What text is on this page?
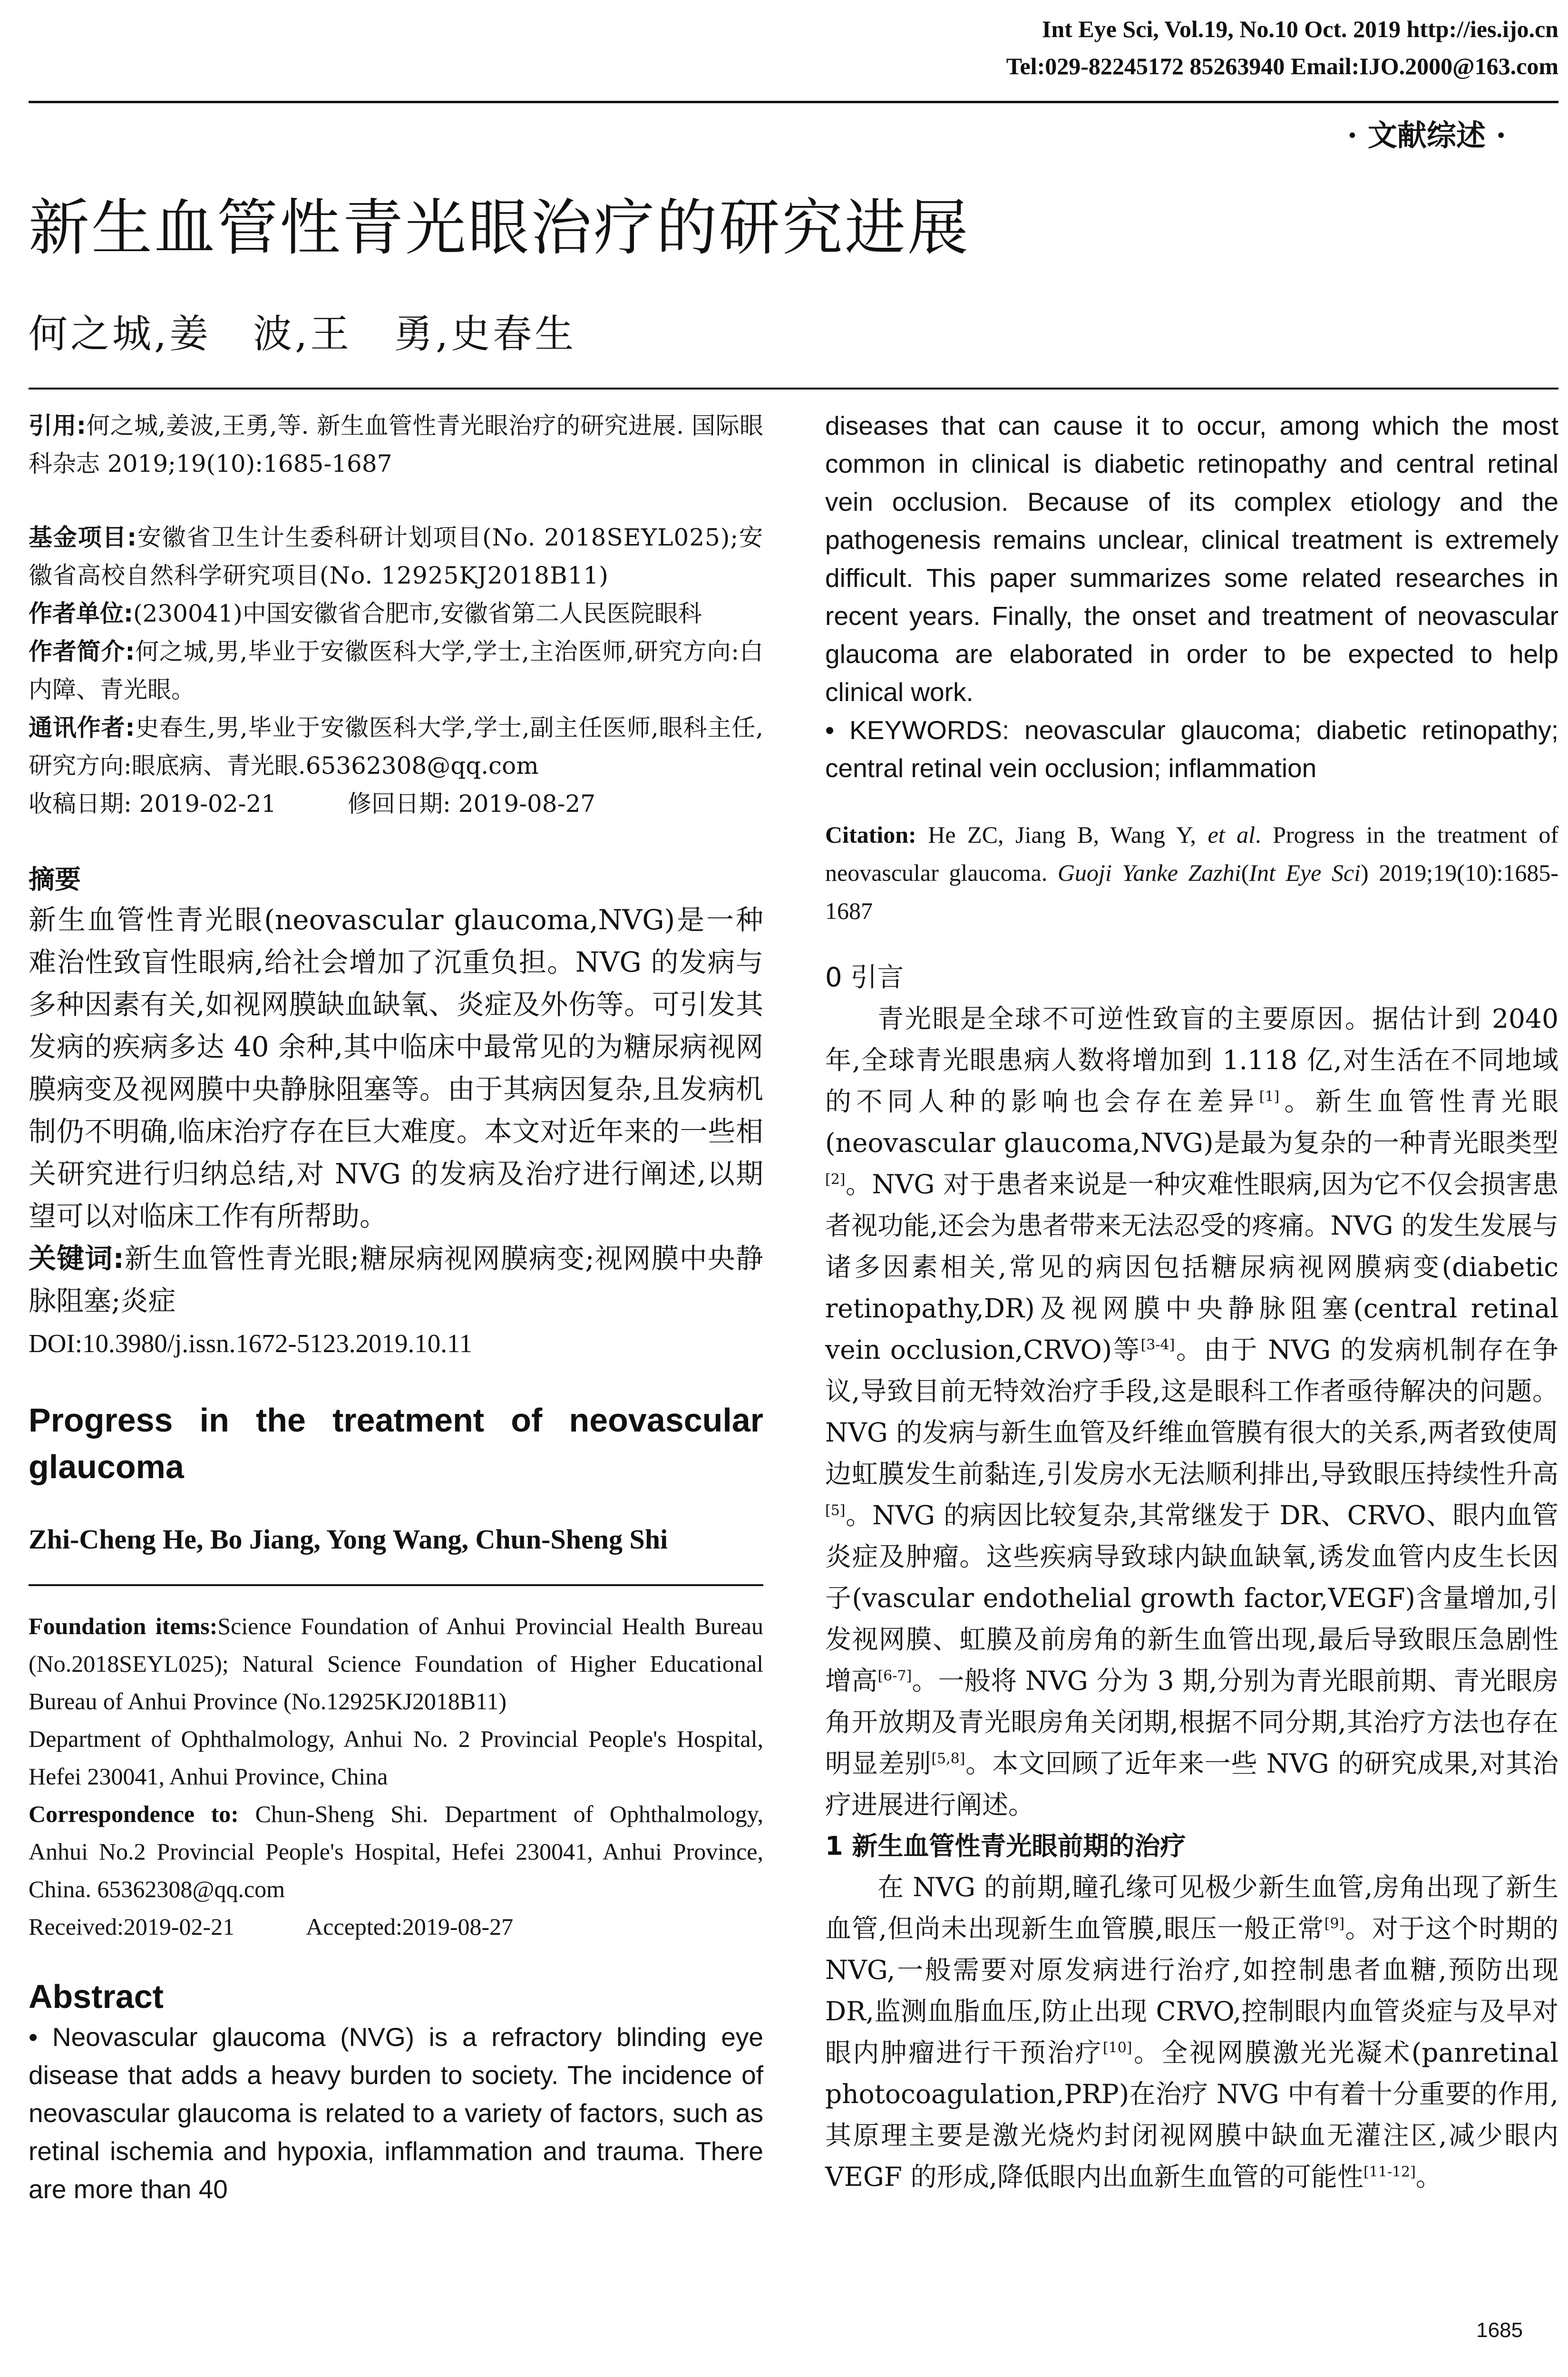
Int Eye Sci, Vol.19, No.10 Oct. 2019 http://ies.ijo.cn
Tel:029-82245172 85263940 Email:IJO.2000@163.com
· 文献综述 ·
新生血管性青光眼治疗的研究进展
何之城,姜　波,王　勇,史春生

引用:何之城,姜波,王勇,等. 新生血管性青光眼治疗的研究进展. 国际眼科杂志 2019;19(10):1685-1687

基金项目:安徽省卫生计生委科研计划项目(No. 2018SEYL025);安徽省高校自然科学研究项目(No. 12925KJ2018B11)

作者单位:(230041)中国安徽省合肥市,安徽省第二人民医院眼科

作者简介:何之城,男,毕业于安徽医科大学,学士,主治医师,研究方向:白内障、青光眼。

通讯作者:史春生,男,毕业于安徽医科大学,学士,副主任医师,眼科主任,研究方向:眼底病、青光眼.65362308@qq.com

收稿日期: 2019-02-21　　　修回日期: 2019-08-27

摘要

新生血管性青光眼(neovascular glaucoma,NVG)是一种难治性致盲性眼病,给社会增加了沉重负担。NVG 的发病与多种因素有关,如视网膜缺血缺氧、炎症及外伤等。可引发其发病的疾病多达 40 余种,其中临床中最常见的为糖尿病视网膜病变及视网膜中央静脉阻塞等。由于其病因复杂,且发病机制仍不明确,临床治疗存在巨大难度。本文对近年来的一些相关研究进行归纳总结,对 NVG 的发病及治疗进行阐述,以期望可以对临床工作有所帮助。

关键词:新生血管性青光眼;糖尿病视网膜病变;视网膜中央静脉阻塞;炎症

DOI:10.3980/j.issn.1672-5123.2019.10.11

Progress in the treatment of neovascular glaucoma

Zhi-Cheng He, Bo Jiang, Yong Wang, Chun-Sheng Shi

Foundation items:Science Foundation of Anhui Provincial Health Bureau (No.2018SEYL025); Natural Science Foundation of Higher Educational Bureau of Anhui Province (No.12925KJ2018B11)

Department of Ophthalmology, Anhui No. 2 Provincial People's Hospital, Hefei 230041, Anhui Province, China

Correspondence to: Chun-Sheng Shi. Department of Ophthalmology, Anhui No.2 Provincial People's Hospital, Hefei 230041, Anhui Province, China. 65362308@qq.com

Received:2019-02-21　　　Accepted:2019-08-27

Abstract

• Neovascular glaucoma (NVG) is a refractory blinding eye disease that adds a heavy burden to society. The incidence of neovascular glaucoma is related to a variety of factors, such as retinal ischemia and hypoxia, inflammation and trauma. There are more than 40

diseases that can cause it to occur, among which the most common in clinical is diabetic retinopathy and central retinal vein occlusion. Because of its complex etiology and the pathogenesis remains unclear, clinical treatment is extremely difficult. This paper summarizes some related researches in recent years. Finally, the onset and treatment of neovascular glaucoma are elaborated in order to be expected to help clinical work.

• KEYWORDS: neovascular glaucoma; diabetic retinopathy; central retinal vein occlusion; inflammation

Citation: He ZC, Jiang B, Wang Y, et al. Progress in the treatment of neovascular glaucoma. Guoji Yanke Zazhi(Int Eye Sci) 2019;19(10):1685-1687

0 引言

青光眼是全球不可逆性致盲的主要原因。据估计到 2040 年,全球青光眼患病人数将增加到 1.118 亿,对生活在不同地域的不同人种的影响也会存在差异[1]。新生血管性青光眼(neovascular glaucoma,NVG)是最为复杂的一种青光眼类型[2]。NVG 对于患者来说是一种灾难性眼病,因为它不仅会损害患者视功能,还会为患者带来无法忍受的疼痛。NVG 的发生发展与诸多因素相关,常见的病因包括糖尿病视网膜病变(diabetic retinopathy,DR)及视网膜中央静脉阻塞(central retinal vein occlusion,CRVO)等[3-4]。由于 NVG 的发病机制存在争议,导致目前无特效治疗手段,这是眼科工作者亟待解决的问题。NVG 的发病与新生血管及纤维血管膜有很大的关系,两者致使周边虹膜发生前黏连,引发房水无法顺利排出,导致眼压持续性升高[5]。NVG 的病因比较复杂,其常继发于 DR、CRVO、眼内血管炎症及肿瘤。这些疾病导致球内缺血缺氧,诱发血管内皮生长因子(vascular endothelial growth factor,VEGF)含量增加,引发视网膜、虹膜及前房角的新生血管出现,最后导致眼压急剧性增高[6-7]。一般将 NVG 分为 3 期,分别为青光眼前期、青光眼房角开放期及青光眼房角关闭期,根据不同分期,其治疗方法也存在明显差别[5,8]。本文回顾了近年来一些 NVG 的研究成果,对其治疗进展进行阐述。

1 新生血管性青光眼前期的治疗

在 NVG 的前期,瞳孔缘可见极少新生血管,房角出现了新生血管,但尚未出现新生血管膜,眼压一般正常[9]。对于这个时期的 NVG,一般需要对原发病进行治疗,如控制患者血糖,预防出现 DR,监测血脂血压,防止出现 CRVO,控制眼内血管炎症与及早对眼内肿瘤进行干预治疗[10]。全视网膜激光光凝术(panretinal photocoagulation,PRP)在治疗 NVG 中有着十分重要的作用,其原理主要是激光烧灼封闭视网膜中缺血无灌注区,减少眼内 VEGF 的形成,降低眼内出血新生血管的可能性[11-12]。

1685
